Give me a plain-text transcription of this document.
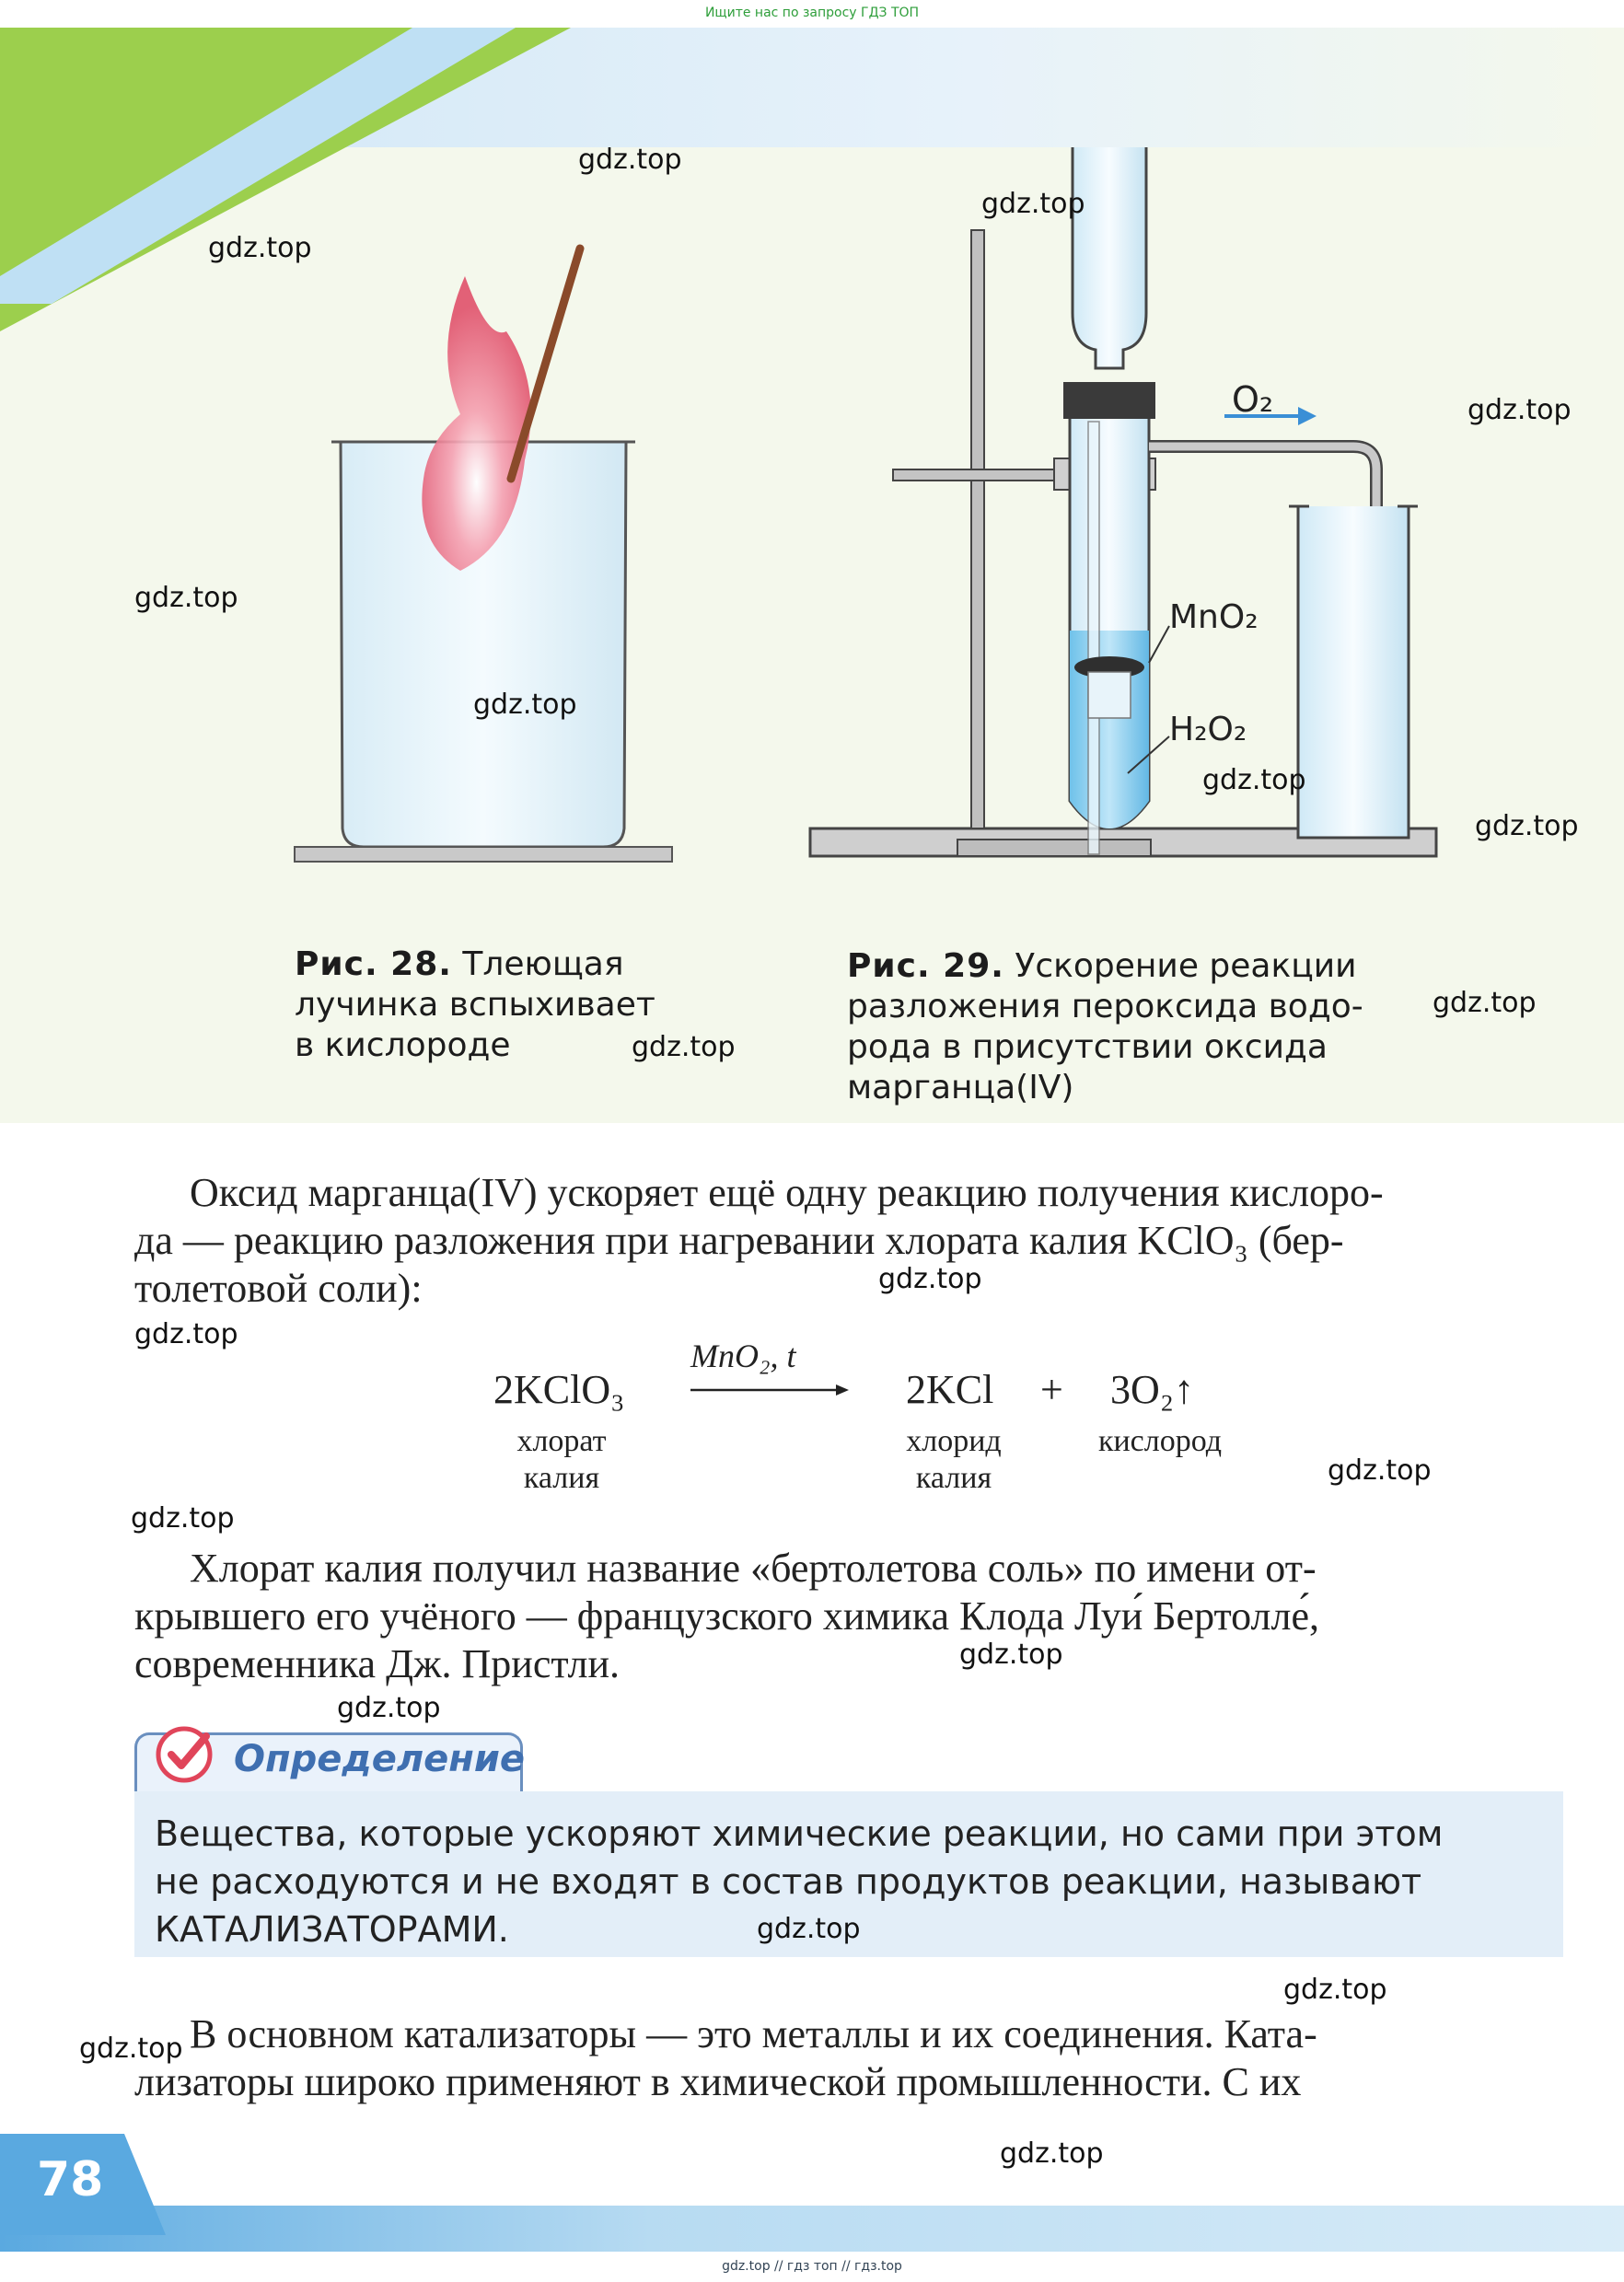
Ищите нас по запросу ГДЗ ТОП
O₂
MnO₂
H₂O₂
Рис. 28. Тлеющая
лучинка вспыхивает
в кислороде
Рис. 29. Ускорение реакции
разложения пероксида водо-
рода в присутствии оксида
марганца(IV)
Оксид марганца(IV) ускоряет ещё одну реакцию получения кислоро-
да — реакцию разложения при нагревании хлората калия KClO₃ (бер-
толетовой соли):
2KClO₃
MnO₂, t
2KCl + 3O₂↑
хлорат
калия
хлорид
калия
кислород
Хлорат калия получил название «бертолетова соль» по имени от-
крывшего его учёного — французского химика Клода Луи́ Бертолле́,
современника Дж. Пристли.
Определение
Вещества, которые ускоряют химические реакции, но сами при этом
не расходуются и не входят в состав продуктов реакции, называют
КАТАЛИЗАТОРАМИ.
В основном катализаторы — это металлы и их соединения. Ката-
лизаторы широко применяют в химической промышленности. С их
78
gdz.top // гдз топ // гдз.top
gdz.top
gdz.top
gdz.top
gdz.top
gdz.top
gdz.top
gdz.top
gdz.top
gdz.top
gdz.top
gdz.top
gdz.top
gdz.top
gdz.top
gdz.top
gdz.top
gdz.top
gdz.top
gdz.top
gdz.top
